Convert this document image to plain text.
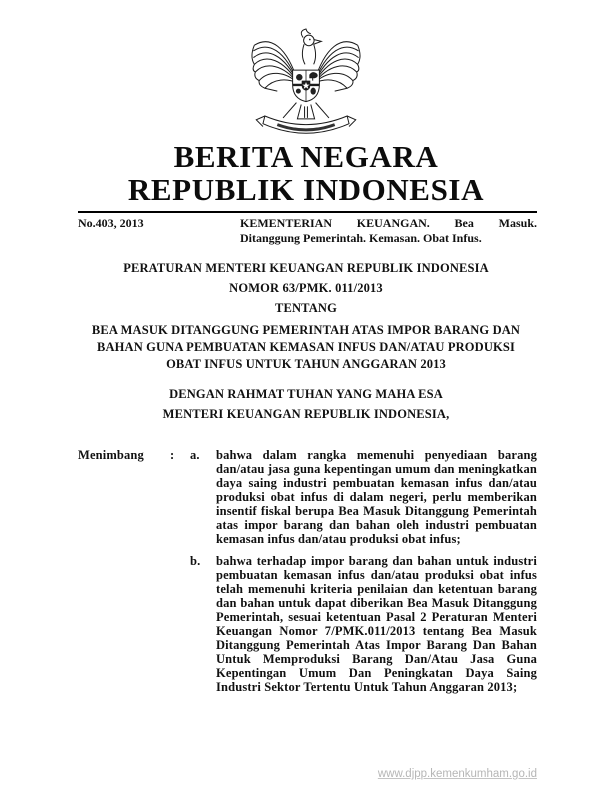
BERITA NEGARA
REPUBLIK INDONESIA
No.403, 2013	KEMENTERIAN KEUANGAN. Bea Masuk.
Ditanggung Pemerintah. Kemasan. Obat Infus.
PERATURAN MENTERI KEUANGAN REPUBLIK INDONESIA
NOMOR 63/PMK. 011/2013
TENTANG
BEA MASUK DITANGGUNG PEMERINTAH ATAS IMPOR BARANG DAN
BAHAN GUNA PEMBUATAN KEMASAN INFUS DAN/ATAU PRODUKSI
OBAT INFUS UNTUK TAHUN ANGGARAN 2013
DENGAN RAHMAT TUHAN YANG MAHA ESA
MENTERI KEUANGAN REPUBLIK INDONESIA,
Menimbang	:	a.	bahwa dalam rangka memenuhi penyediaan barang dan/atau jasa guna kepentingan umum dan meningkatkan daya saing industri pembuatan kemasan infus dan/atau produksi obat infus di dalam negeri, perlu memberikan insentif fiskal berupa Bea Masuk Ditanggung Pemerintah atas impor barang dan bahan oleh industri pembuatan kemasan infus dan/atau produksi obat infus;

b.	bahwa terhadap impor barang dan bahan untuk industri pembuatan kemasan infus dan/atau produksi obat infus telah memenuhi kriteria penilaian dan ketentuan barang dan bahan untuk dapat diberikan Bea Masuk Ditanggung Pemerintah, sesuai ketentuan Pasal 2 Peraturan Menteri Keuangan Nomor 7/PMK.011/2013 tentang Bea Masuk Ditanggung Pemerintah Atas Impor Barang Dan Bahan Untuk Memproduksi Barang Dan/Atau Jasa Guna Kepentingan Umum Dan Peningkatan Daya Saing Industri Sektor Tertentu Untuk Tahun Anggaran 2013;

www.djpp.kemenkumham.go.id
